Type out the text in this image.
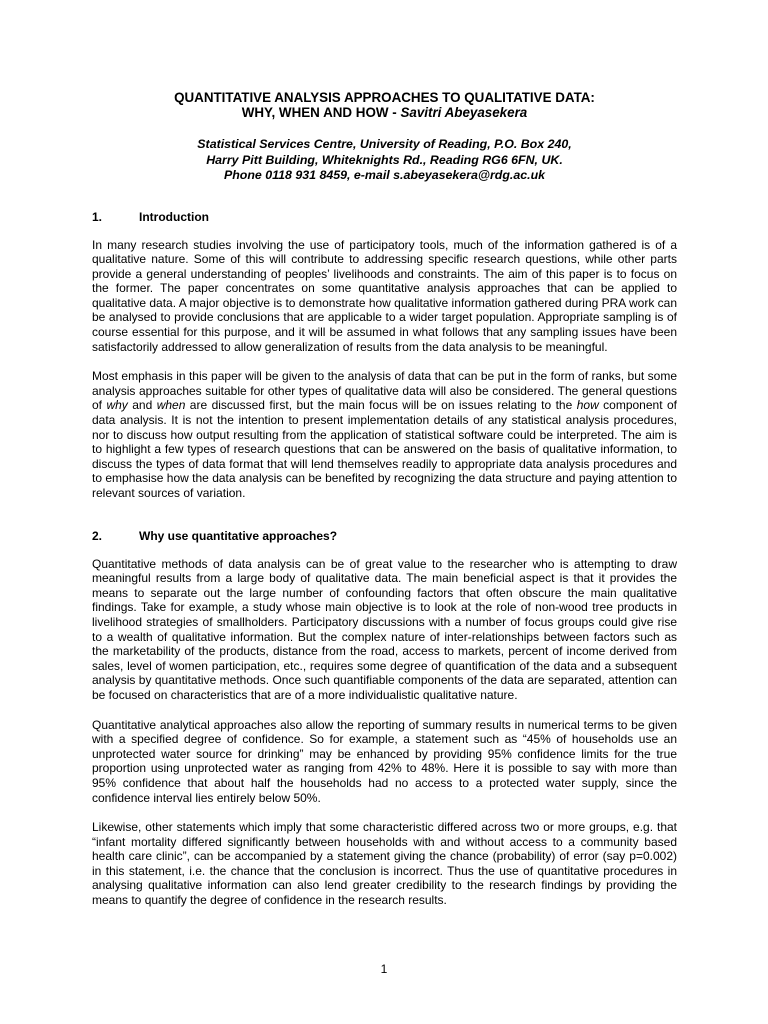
QUANTITATIVE ANALYSIS APPROACHES TO QUALITATIVE DATA:
WHY, WHEN AND HOW - Savitri Abeyasekera
Statistical Services Centre, University of Reading, P.O. Box 240,
Harry Pitt Building, Whiteknights Rd., Reading RG6 6FN, UK.
Phone 0118 931 8459, e-mail s.abeyasekera@rdg.ac.uk
1.	Introduction

In many research studies involving the use of participatory tools, much of the information gathered is of a qualitative nature. Some of this will contribute to addressing specific research questions, while other parts provide a general understanding of peoples’ livelihoods and constraints. The aim of this paper is to focus on the former. The paper concentrates on some quantitative analysis approaches that can be applied to qualitative data. A major objective is to demonstrate how qualitative information gathered during PRA work can be analysed to provide conclusions that are applicable to a wider target population. Appropriate sampling is of course essential for this purpose, and it will be assumed in what follows that any sampling issues have been satisfactorily addressed to allow generalization of results from the data analysis to be meaningful.

Most emphasis in this paper will be given to the analysis of data that can be put in the form of ranks, but some analysis approaches suitable for other types of qualitative data will also be considered. The general questions of why and when are discussed first, but the main focus will be on issues relating to the how component of data analysis. It is not the intention to present implementation details of any statistical analysis procedures, nor to discuss how output resulting from the application of statistical software could be interpreted. The aim is to highlight a few types of research questions that can be answered on the basis of qualitative information, to discuss the types of data format that will lend themselves readily to appropriate data analysis procedures and to emphasise how the data analysis can be benefited by recognizing the data structure and paying attention to relevant sources of variation.

2.	Why use quantitative approaches?

Quantitative methods of data analysis can be of great value to the researcher who is attempting to draw meaningful results from a large body of qualitative data. The main beneficial aspect is that it provides the means to separate out the large number of confounding factors that often obscure the main qualitative findings. Take for example, a study whose main objective is to look at the role of non-wood tree products in livelihood strategies of smallholders. Participatory discussions with a number of focus groups could give rise to a wealth of qualitative information. But the complex nature of inter-relationships between factors such as the marketability of the products, distance from the road, access to markets, percent of income derived from sales, level of women participation, etc., requires some degree of quantification of the data and a subsequent analysis by quantitative methods. Once such quantifiable components of the data are separated, attention can be focused on characteristics that are of a more individualistic qualitative nature.

Quantitative analytical approaches also allow the reporting of summary results in numerical terms to be given with a specified degree of confidence. So for example, a statement such as “45% of households use an unprotected water source for drinking” may be enhanced by providing 95% confidence limits for the true proportion using unprotected water as ranging from 42% to 48%. Here it is possible to say with more than 95% confidence that about half the households had no access to a protected water supply, since the confidence interval lies entirely below 50%.

Likewise, other statements which imply that some characteristic differed across two or more groups, e.g. that “infant mortality differed significantly between households with and without access to a community based health care clinic”, can be accompanied by a statement giving the chance (probability) of error (say p=0.002) in this statement, i.e. the chance that the conclusion is incorrect. Thus the use of quantitative procedures in analysing qualitative information can also lend greater credibility to the research findings by providing the means to quantify the degree of confidence in the research results.

1
